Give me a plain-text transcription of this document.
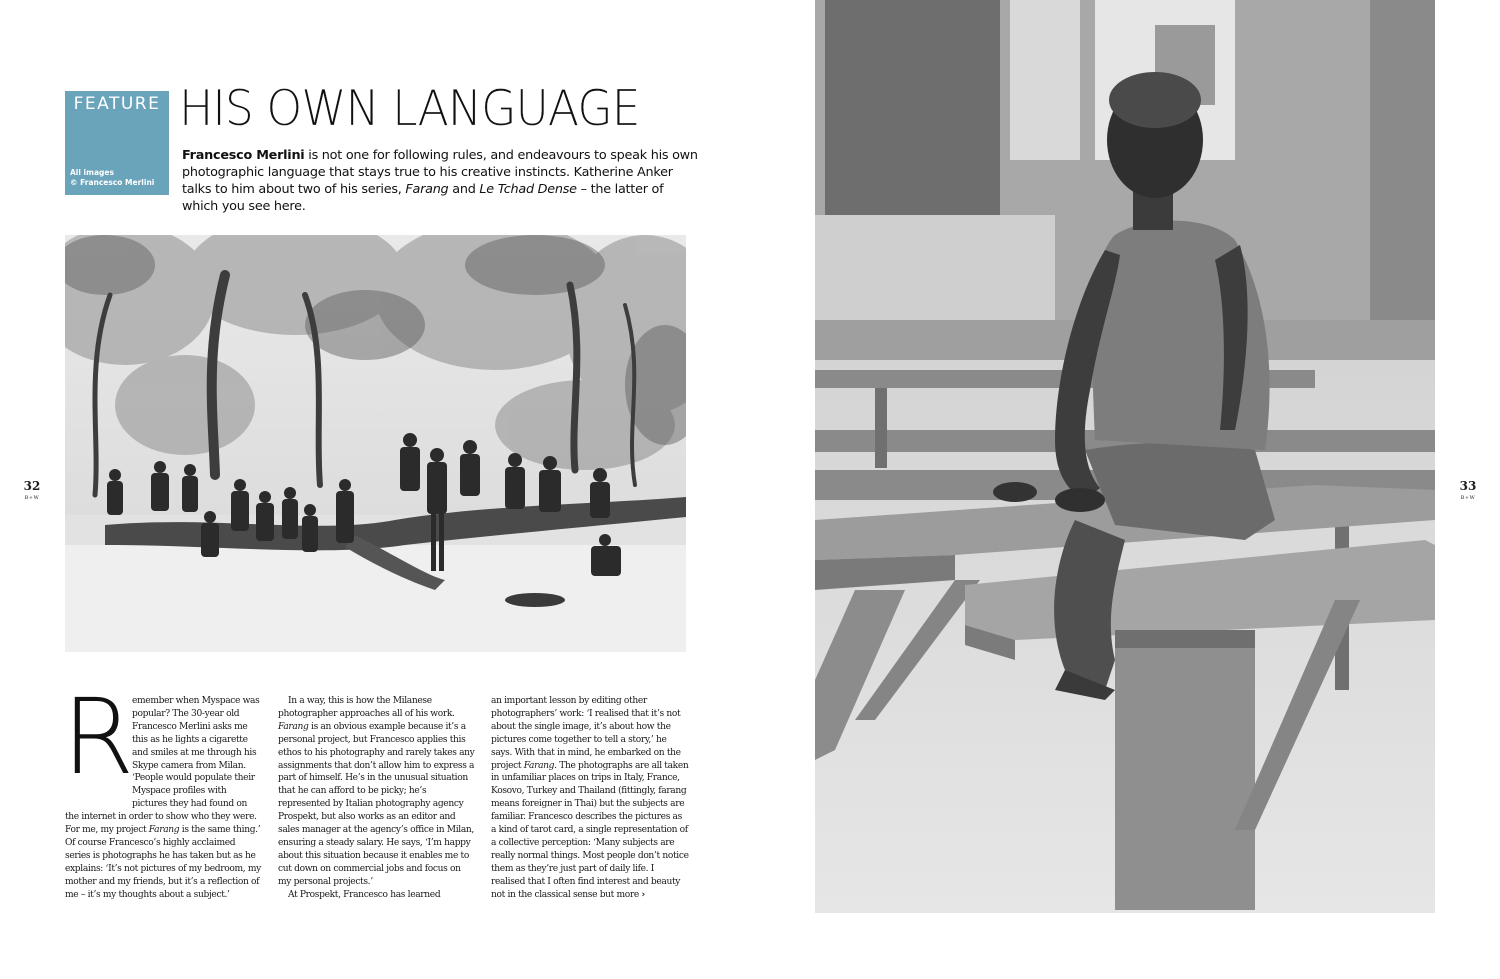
FEATURE
All images
© Francesco Merlini
HIS OWN LANGUAGE

Francesco Merlini is not one for following rules, and endeavours to speak his own photographic language that stays true to his creative instincts. Katherine Anker talks to him about two of his series, Farang and Le Tchad Dense – the latter of which you see here.

32
B+W
33
B+W

R
emember when Myspace was popular? The 30-year old Francesco Merlini asks me this as he lights a cigarette and smiles at me through his Skype camera from Milan. ‘People would populate their Myspace profiles with pictures they had found on the internet in order to show who they were. For me, my project Farang is the same thing.’ Of course Francesco’s highly acclaimed series is photographs he has taken but as he explains: ‘It’s not pictures of my bedroom, my mother and my friends, but it’s a reflection of me – it’s my thoughts about a subject.’

In a way, this is how the Milanese photographer approaches all of his work. Farang is an obvious example because it’s a personal project, but Francesco applies this ethos to his photography and rarely takes any assignments that don’t allow him to express a part of himself. He’s in the unusual situation that he can afford to be picky; he’s represented by Italian photography agency Prospekt, but also works as an editor and sales manager at the agency’s office in Milan, ensuring a steady salary. He says, ‘I’m happy about this situation because it enables me to cut down on commercial jobs and focus on my personal projects.’
At Prospekt, Francesco has learned

an important lesson by editing other photographers’ work: ‘I realised that it’s not about the single image, it’s about how the pictures come together to tell a story,’ he says. With that in mind, he embarked on the project Farang. The photographs are all taken in unfamiliar places on trips in Italy, France, Kosovo, Turkey and Thailand (fittingly, farang means foreigner in Thai) but the subjects are familiar. Francesco describes the pictures as a kind of tarot card, a single representation of a collective perception: ‘Many subjects are really normal things. Most people don’t notice them as they’re just part of daily life. I realised that I often find interest and beauty not in the classical sense but more ›
